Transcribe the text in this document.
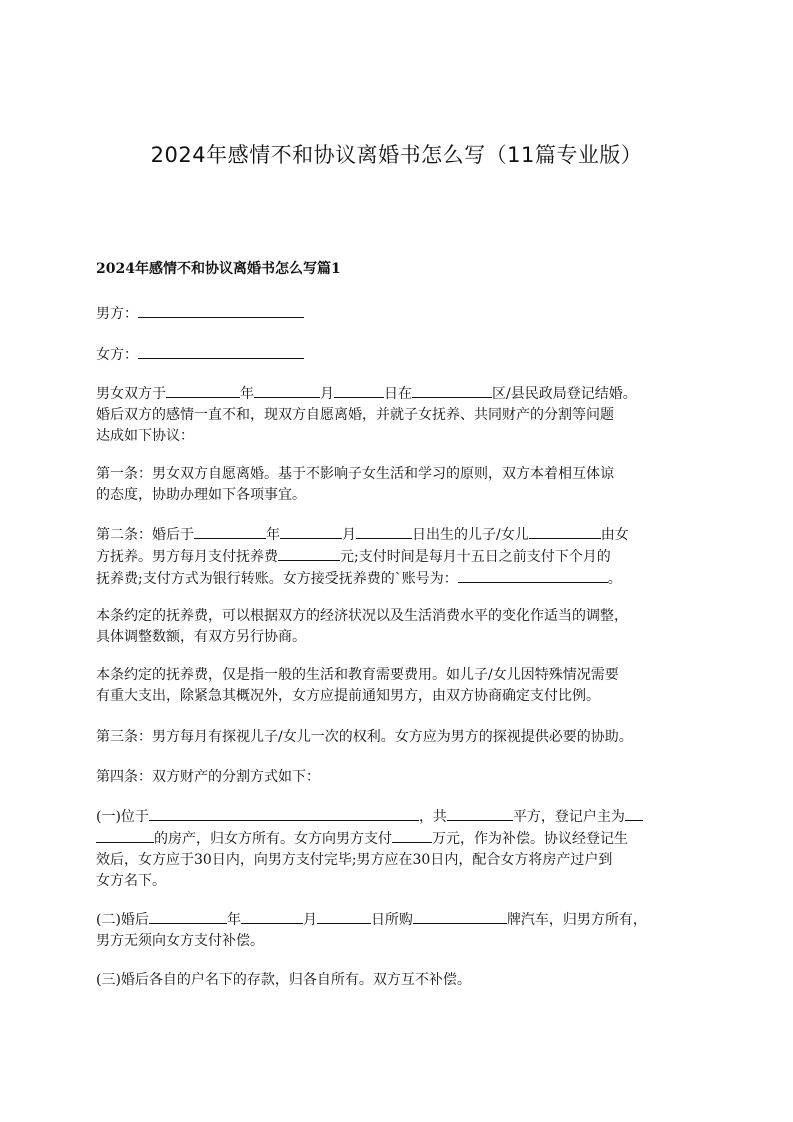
2024年感情不和协议离婚书怎么写（11篇专业版）
2024年感情不和协议离婚书怎么写篇1
男方：
女方：
男女双方于	年	月	日在	区/县民政局登记结婚。
婚后双方的感情一直不和，现双方自愿离婚，并就子女抚养、共同财产的分割等问题
达成如下协议：
第一条：男女双方自愿离婚。基于不影响子女生活和学习的原则，双方本着相互体谅
的态度，协助办理如下各项事宜。
第二条：婚后于	年	月	日出生的儿子/女儿	由女
方抚养。男方每月支付抚养费	元;支付时间是每月十五日之前支付下个月的
抚养费;支付方式为银行转账。女方接受抚养费的`账号为：	。
本条约定的抚养费，可以根据双方的经济状况以及生活消费水平的变化作适当的调整，
具体调整数额，有双方另行协商。
本条约定的抚养费，仅是指一般的生活和教育需要费用。如儿子/女儿因特殊情况需要
有重大支出，除紧急其概况外，女方应提前通知男方，由双方协商确定支付比例。
第三条：男方每月有探视儿子/女儿一次的权利。女方应为男方的探视提供必要的协助。
第四条：双方财产的分割方式如下：
(一)位于	，共	平方，登记户主为
的房产，归女方所有。女方向男方支付	万元，作为补偿。协议经登记生
效后，女方应于30日内，向男方支付完毕;男方应在30日内，配合女方将房产过户到
女方名下。
(二)婚后	年	月	日所购	牌汽车，归男方所有，
男方无须向女方支付补偿。
(三)婚后各自的户名下的存款，归各自所有。双方互不补偿。
